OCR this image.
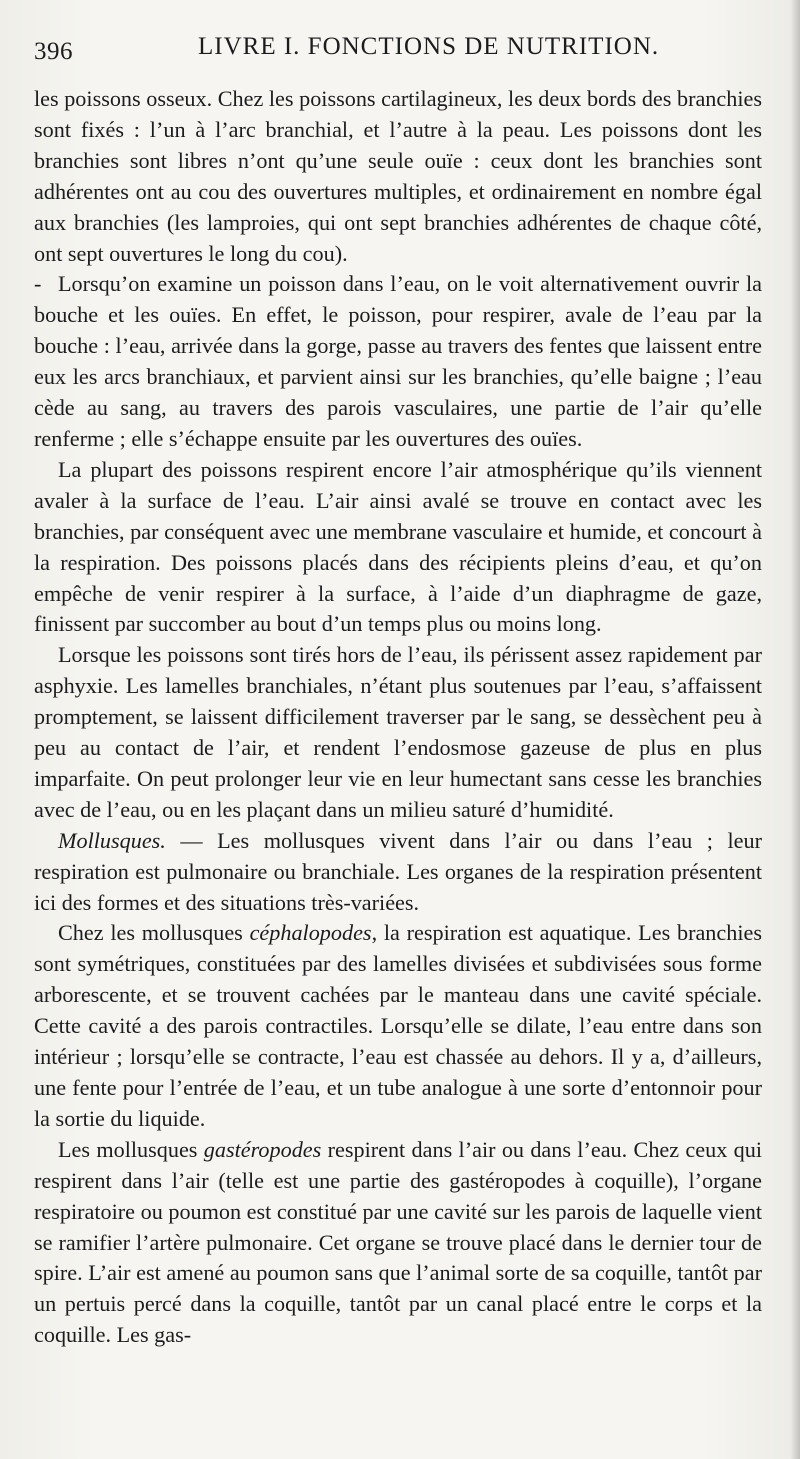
396	LIVRE I. FONCTIONS DE NUTRITION.

les poissons osseux. Chez les poissons cartilagineux, les deux bords des branchies sont fixés : l’un à l’arc branchial, et l’autre à la peau. Les poissons dont les branchies sont libres n’ont qu’une seule ouïe : ceux dont les branchies sont adhérentes ont au cou des ouvertures multiples, et ordinairement en nombre égal aux branchies (les lamproies, qui ont sept branchies adhérentes de chaque côté, ont sept ouvertures le long du cou).

- Lorsqu’on examine un poisson dans l’eau, on le voit alternativement ouvrir la bouche et les ouïes. En effet, le poisson, pour respirer, avale de l’eau par la bouche : l’eau, arrivée dans la gorge, passe au travers des fentes que laissent entre eux les arcs branchiaux, et parvient ainsi sur les branchies, qu’elle baigne ; l’eau cède au sang, au travers des parois vasculaires, une partie de l’air qu’elle renferme ; elle s’échappe ensuite par les ouvertures des ouïes.

La plupart des poissons respirent encore l’air atmosphérique qu’ils viennent avaler à la surface de l’eau. L’air ainsi avalé se trouve en contact avec les branchies, par conséquent avec une membrane vasculaire et humide, et concourt à la respiration. Des poissons placés dans des récipients pleins d’eau, et qu’on empêche de venir respirer à la surface, à l’aide d’un diaphragme de gaze, finissent par succomber au bout d’un temps plus ou moins long.

Lorsque les poissons sont tirés hors de l’eau, ils périssent assez rapidement par asphyxie. Les lamelles branchiales, n’étant plus soutenues par l’eau, s’affaissent promptement, se laissent difficilement traverser par le sang, se dessèchent peu à peu au contact de l’air, et rendent l’endosmose gazeuse de plus en plus imparfaite. On peut prolonger leur vie en leur humectant sans cesse les branchies avec de l’eau, ou en les plaçant dans un milieu saturé d’humidité.

Mollusques. — Les mollusques vivent dans l’air ou dans l’eau ; leur respiration est pulmonaire ou branchiale. Les organes de la respiration présentent ici des formes et des situations très-variées.

Chez les mollusques céphalopodes, la respiration est aquatique. Les branchies sont symétriques, constituées par des lamelles divisées et subdivisées sous forme arborescente, et se trouvent cachées par le manteau dans une cavité spéciale. Cette cavité a des parois contractiles. Lorsqu’elle se dilate, l’eau entre dans son intérieur ; lorsqu’elle se contracte, l’eau est chassée au dehors. Il y a, d’ailleurs, une fente pour l’entrée de l’eau, et un tube analogue à une sorte d’entonnoir pour la sortie du liquide.

Les mollusques gastéropodes respirent dans l’air ou dans l’eau. Chez ceux qui respirent dans l’air (telle est une partie des gastéropodes à coquille), l’organe respiratoire ou poumon est constitué par une cavité sur les parois de laquelle vient se ramifier l’artère pulmonaire. Cet organe se trouve placé dans le dernier tour de spire. L’air est amené au poumon sans que l’animal sorte de sa coquille, tantôt par un pertuis percé dans la coquille, tantôt par un canal placé entre le corps et la coquille. Les gas-
